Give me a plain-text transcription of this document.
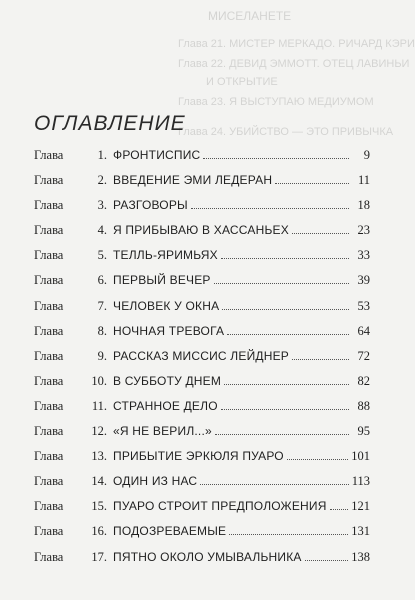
МИСЕЛАНЕТЕ
Глава 21. МИСТЕР МЕРКАДО. РИЧАРД КЭРИ
Глава 22. ДЕВИД ЭММОТТ. ОТЕЦ ЛАВИНЬИ
И ОТКРЫТИЕ
Глава 23. Я ВЫСТУПАЮ МЕДИУМОМ
Глава 24. УБИЙСТВО — ЭТО ПРИВЫЧКА
ОГЛАВЛЕНИЕ
Глава	1. ФРОНТИСПИС	9
Глава	2. ВВЕДЕНИЕ ЭМИ ЛЕДЕРАН	11
Глава	3. РАЗГОВОРЫ	18
Глава	4. Я ПРИБЫВАЮ В ХАССАНЬЕХ	23
Глава	5. ТЕЛЛЬ-ЯРИМЬЯХ	33
Глава	6. ПЕРВЫЙ ВЕЧЕР	39
Глава	7. ЧЕЛОВЕК У ОКНА	53
Глава	8. НОЧНАЯ ТРЕВОГА	64
Глава	9. РАССКАЗ МИССИС ЛЕЙДНЕР	72
Глава	10. В СУББОТУ ДНЕМ	82
Глава	11. СТРАННОЕ ДЕЛО	88
Глава	12. «Я НЕ ВЕРИЛ...»	95
Глава	13. ПРИБЫТИЕ ЭРКЮЛЯ ПУАРО	101
Глава	14. ОДИН ИЗ НАС	113
Глава	15. ПУАРО СТРОИТ ПРЕДПОЛОЖЕНИЯ 121
Глава	16. ПОДОЗРЕВАЕМЫЕ	131
Глава	17. ПЯТНО ОКОЛО УМЫВАЛЬНИКА	138
